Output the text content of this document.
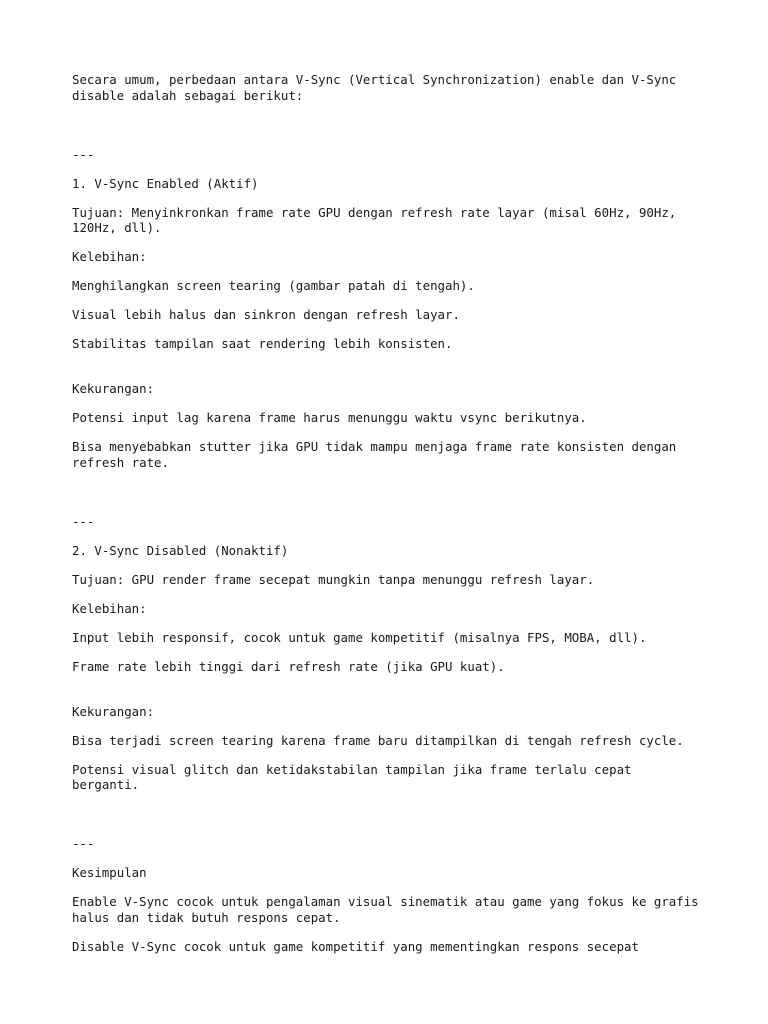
Secara umum, perbedaan antara V-Sync (Vertical Synchronization) enable dan V-Sync disable adalah sebagai berikut:

---

1. V-Sync Enabled (Aktif)

Tujuan: Menyinkronkan frame rate GPU dengan refresh rate layar (misal 60Hz, 90Hz, 120Hz, dll).

Kelebihan:

Menghilangkan screen tearing (gambar patah di tengah).

Visual lebih halus dan sinkron dengan refresh layar.

Stabilitas tampilan saat rendering lebih konsisten.

Kekurangan:

Potensi input lag karena frame harus menunggu waktu vsync berikutnya.

Bisa menyebabkan stutter jika GPU tidak mampu menjaga frame rate konsisten dengan refresh rate.

---

2. V-Sync Disabled (Nonaktif)

Tujuan: GPU render frame secepat mungkin tanpa menunggu refresh layar.

Kelebihan:

Input lebih responsif, cocok untuk game kompetitif (misalnya FPS, MOBA, dll).

Frame rate lebih tinggi dari refresh rate (jika GPU kuat).

Kekurangan:

Bisa terjadi screen tearing karena frame baru ditampilkan di tengah refresh cycle.

Potensi visual glitch dan ketidakstabilan tampilan jika frame terlalu cepat berganti.

---

Kesimpulan

Enable V-Sync cocok untuk pengalaman visual sinematik atau game yang fokus ke grafis halus dan tidak butuh respons cepat.

Disable V-Sync cocok untuk game kompetitif yang mementingkan respons secepat
